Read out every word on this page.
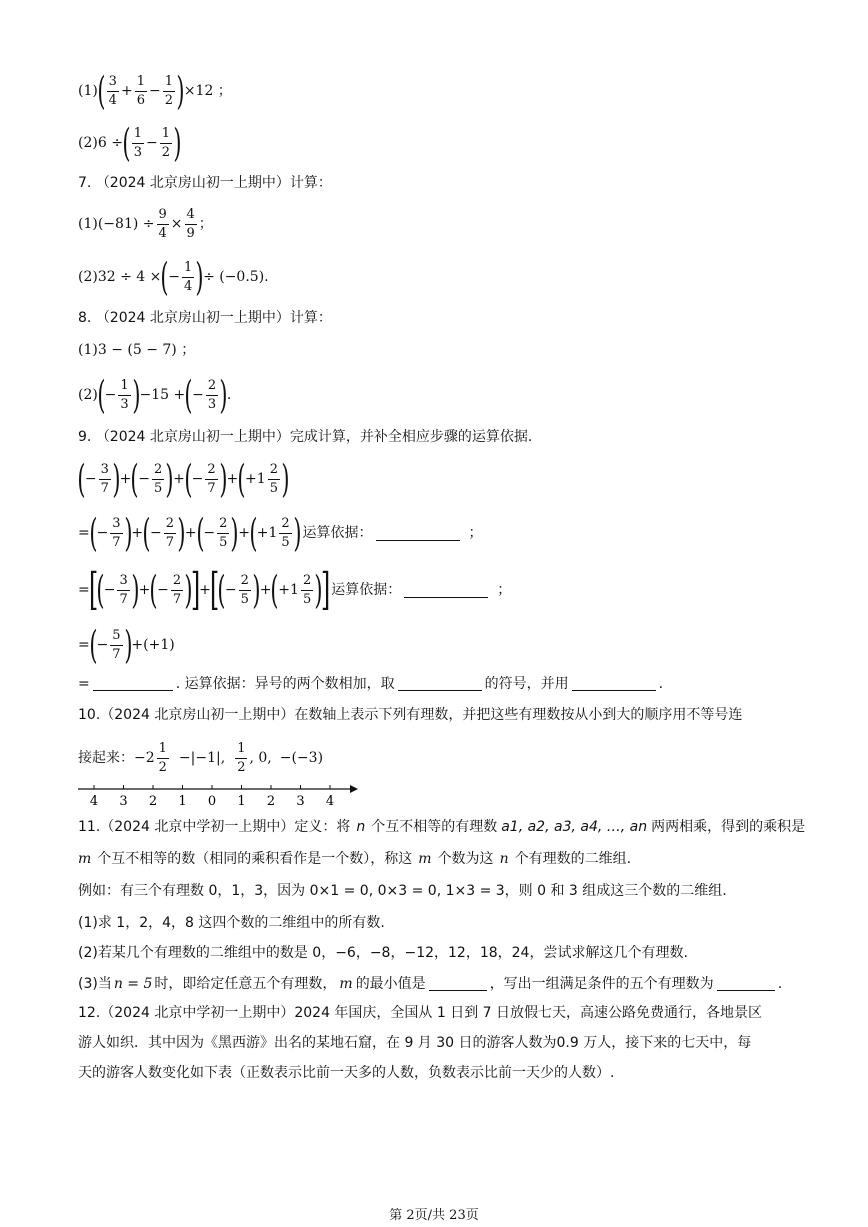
(1) ( $\frac{3}{4} + \frac{1}{6} - \frac{1}{2}$ ) ×12 ；
(2) 6 ÷ ( $\frac{1}{3} - \frac{1}{2}$ )
7.
（2024 北京房山初一上期中）计算：
(1) $(-81) \div \frac{9}{4} \times \frac{4}{9}$ ；
(2) 32 ÷ 4 × ( − $\frac{1}{4}$ ) ÷ (−0.5).
8.
（2024 北京房山初一上期中）计算：
(1) 3 − (5 − 7) ；
(2) ( − $\frac{1}{3}$ ) −15 + ( − $\frac{2}{3}$ ) .
9.
（2024 北京房山初一上期中）完成计算，并补全相应步骤的运算依据.
( − $\frac{3}{7}$ ) + ( − $\frac{2}{5}$ ) + ( − $\frac{2}{7}$ ) + ( $+1 \frac{2}{5}$ )
= ( − $\frac{3}{7}$ ) + ( − $\frac{2}{7}$ ) + ( − $\frac{2}{5}$ ) + ( $+1 \frac{2}{5}$ ) 运算依据：	；
=
[
( − $\frac{3}{7}$ ) + ( − $\frac{2}{7}$ )
]
+
[
( − $\frac{2}{5}$ ) + ( $+1 \frac{2}{5}$ )
] 运算依据：	；
= ( − $\frac{5}{7}$ ) + (+1)
=	. 运算依据：异号的两个数相加，取	的符号，并用	.
10.（2024 北京房山初一上期中）在数轴上表示下列有理数，并把这些有理数按从小到大的顺序用不等号连
接起来： $-2 \frac{1}{2} -|-1|$, $\frac{1}{2}$ , 0, −(−3)
4 3 2 1 0 1 2 3 4
11.（2024 北京中学初一上期中）定义：将 n 个互不相等的有理数 a1, a2, a3, a4, …, an 两两相乘，得到的乘积是
m 个互不相等的数（相同的乘积看作是一个数），称这 m 个数为这 n 个有理数的二维组.
例如：有三个有理数 0，1，3，因为 0×1 = 0, 0×3 = 0, 1×3 = 3，则 0 和 3 组成这三个数的二维组.
(1)求 1，2，4，8 这四个数的二维组中的所有数.
(2)若某几个有理数的二维组中的数是 0，−6，−8，−12，12，18，24，尝试求解这几个有理数.
(3)当 n = 5 时，即给定任意五个有理数， m 的最小值是	，写出一组满足条件的五个有理数为	.
12.（2024 北京中学初一上期中）2024 年国庆，全国从 1 日到 7 日放假七天，高速公路免费通行，各地景区
游人如织．其中因为《黑西游》出名的某地石窟，在 9 月 30 日的游客人数为0.9 万人，接下来的七天中，每
天的游客人数变化如下表（正数表示比前一天多的人数，负数表示比前一天少的人数）.
第 2页/共 23页
